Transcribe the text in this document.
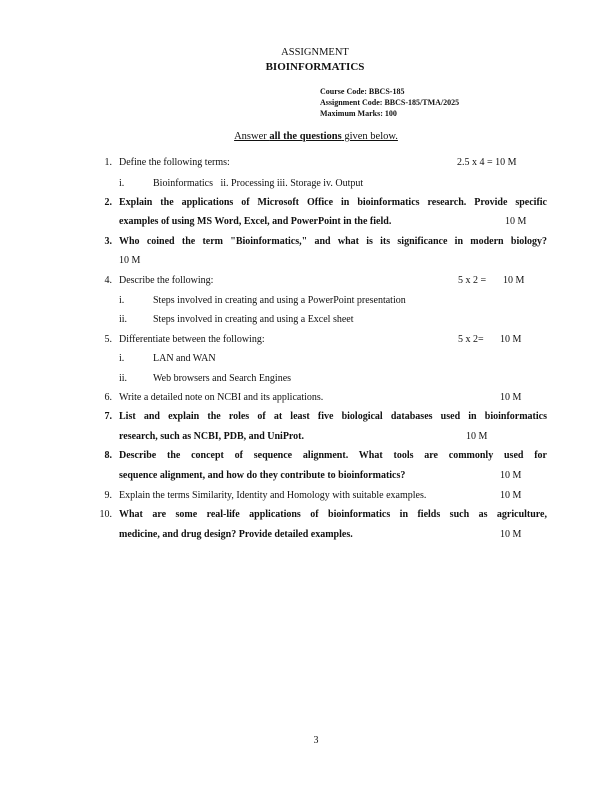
ASSIGNMENT
BIOINFORMATICS
Course Code: BBCS-185
Assignment Code: BBCS-185/TMA/2025
Maximum Marks: 100
Answer all the questions given below.
1. Define the following terms:	2.5 x 4 = 10 M
i.	Bioinformatics   ii. Processing iii. Storage iv. Output
2. Explain the applications of Microsoft Office in bioinformatics research. Provide specific
examples of using MS Word, Excel, and PowerPoint in the field.	10 M
3. Who coined the term "Bioinformatics," and what is its significance in modern biology?
10 M
4. Describe the following:	5 x 2 = 10 M
i.	Steps involved in creating and using a PowerPoint presentation
ii.	Steps involved in creating and using a Excel sheet
5. Differentiate between the following:	5 x 2= 10 M
i.	LAN and WAN
ii.	Web browsers and Search Engines
6. Write a detailed note on NCBI and its applications.	10 M
7. List and explain the roles of at least five biological databases used in bioinformatics
research, such as NCBI, PDB, and UniProt.	10 M
8. Describe the concept of sequence alignment. What tools are commonly used for
sequence alignment, and how do they contribute to bioinformatics?	10 M
9. Explain the terms Similarity, Identity and Homology with suitable examples.	10 M
10. What are some real-life applications of bioinformatics in fields such as agriculture,
medicine, and drug design? Provide detailed examples.	10 M
3
